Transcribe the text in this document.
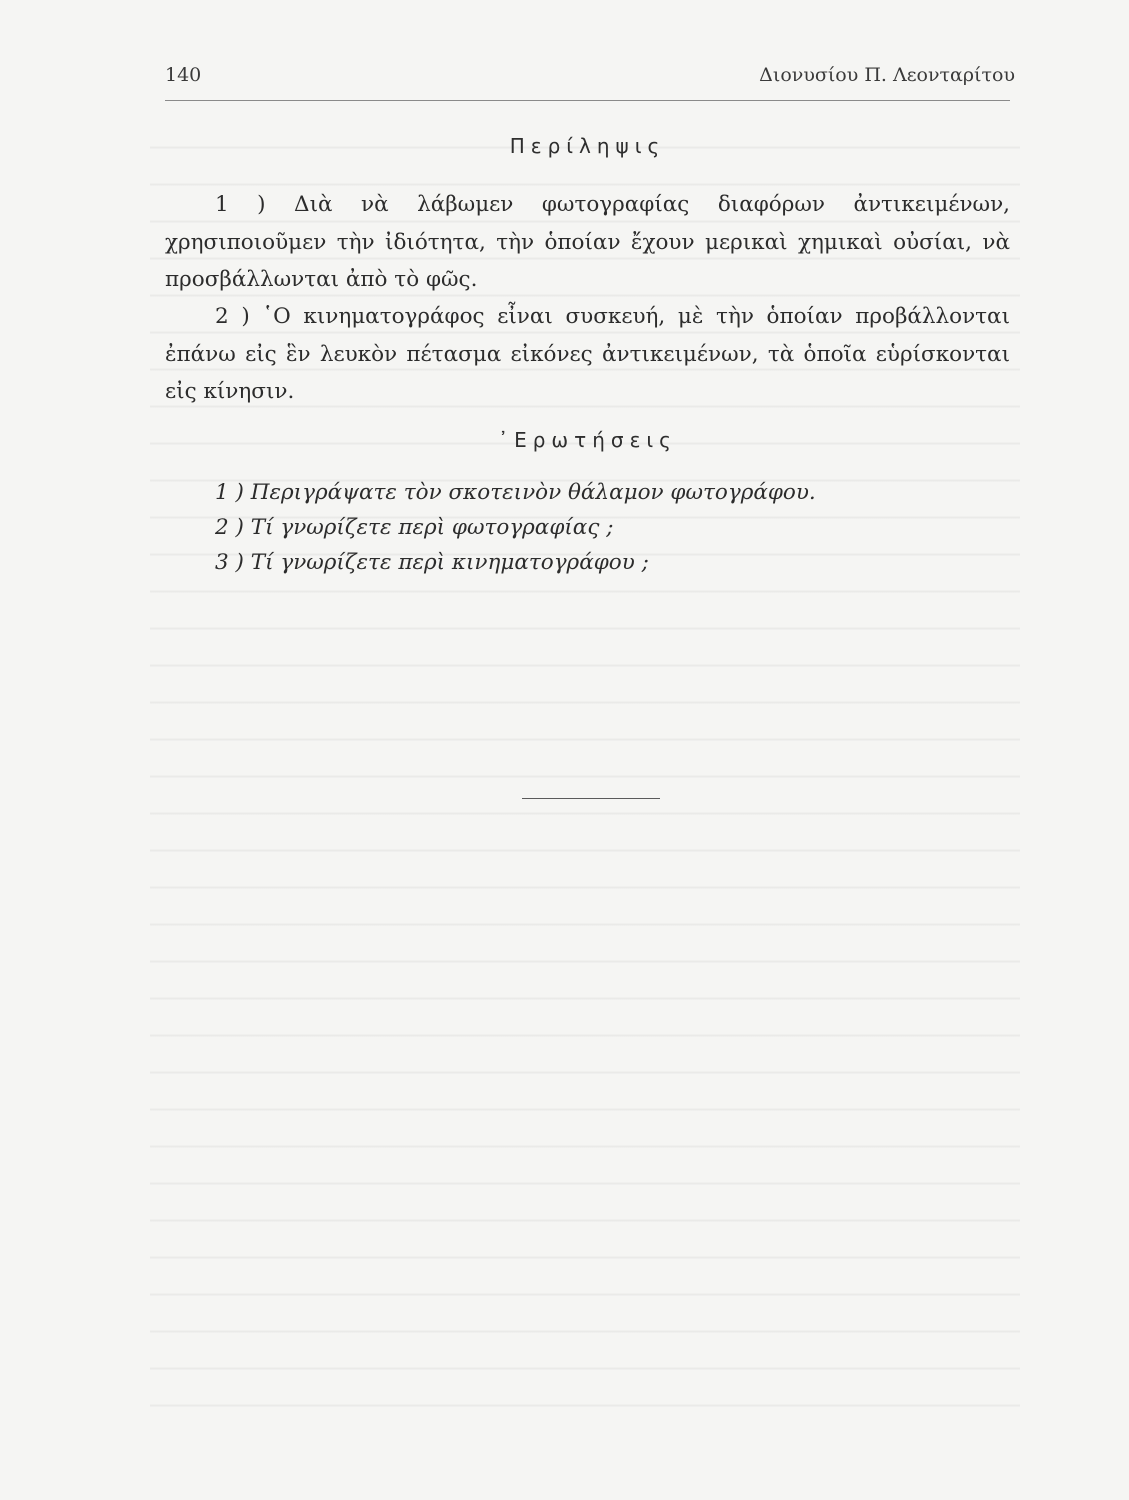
140	Διονυσίου Π. Λεονταρίτου
Περίληψις
1 ) Διὰ νὰ λάβωμεν φωτογραφίας διαφόρων ἀντικειμένων, χρησιποιοῦμεν τὴν ἰδιότητα, τὴν ὁποίαν ἔχουν μερικαὶ χημικαὶ οὐσίαι, νὰ προσβάλλωνται ἀπὸ τὸ φῶς.
2 ) ῾Ο κινηματογράφος εἶναι συσκευή, μὲ τὴν ὁποίαν προβάλλονται ἐπάνω εἰς ἓν λευκὸν πέτασμα εἰκόνες ἀντικειμένων, τὰ ὁποῖα εὑρίσκονται εἰς κίνησιν.
᾿Ερωτήσεις
1 ) Περιγράψατε τὸν σκοτεινὸν θάλαμον φωτογράφου.
2 ) Τί γνωρίζετε περὶ φωτογραφίας ;
3 ) Τί γνωρίζετε περὶ κινηματογράφου ;
